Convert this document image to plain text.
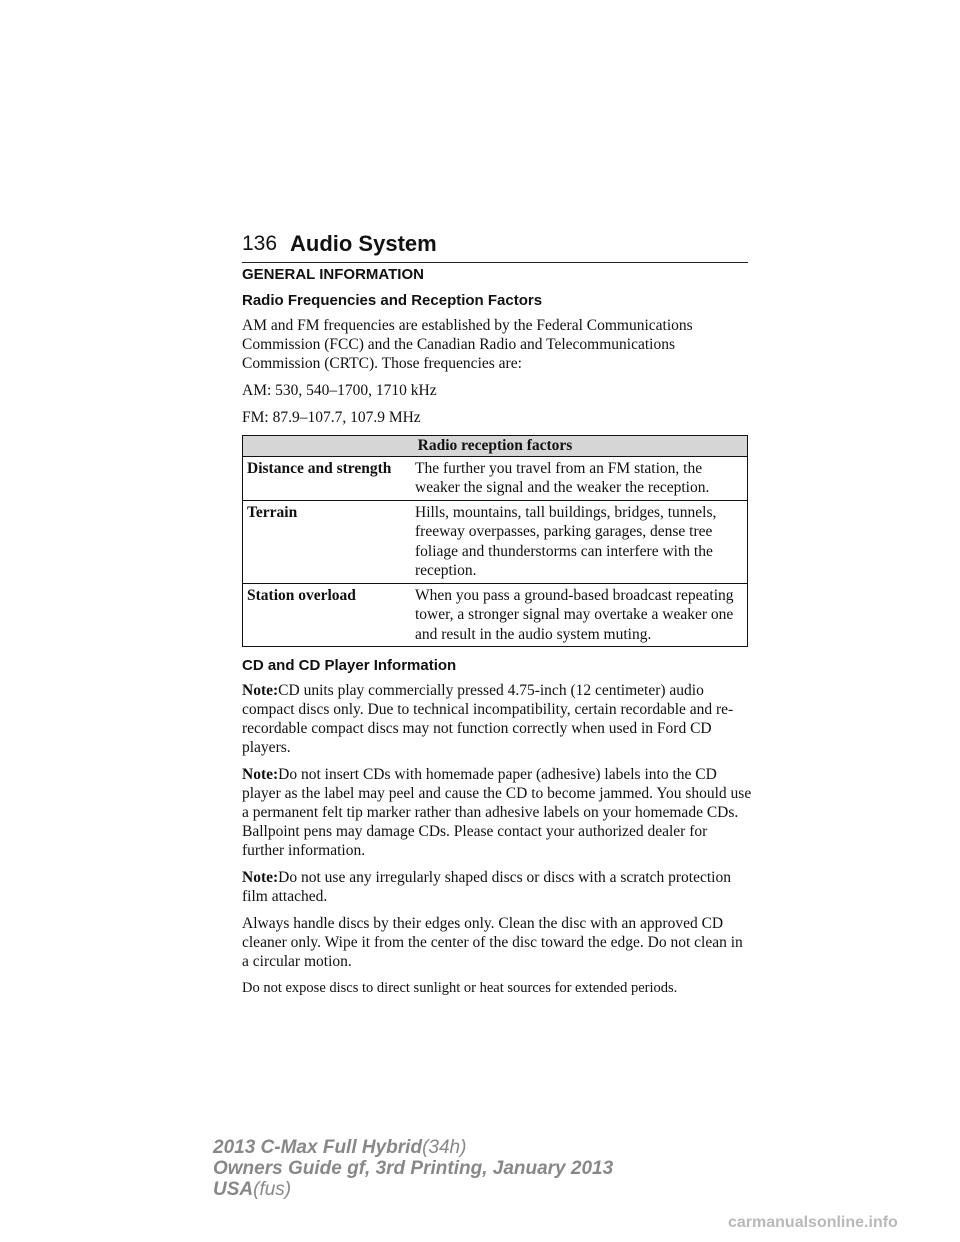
136 Audio System
GENERAL INFORMATION
Radio Frequencies and Reception Factors

AM and FM frequencies are established by the Federal Communications Commission (FCC) and the Canadian Radio and Telecommunications Commission (CRTC). Those frequencies are:

AM: 530, 540–1700, 1710 kHz

FM: 87.9–107.7, 107.9 MHz

Radio reception factors	
Distance and strength	The further you travel from an FM station, the weaker the signal and the weaker the reception.
Terrain	Hills, mountains, tall buildings, bridges, tunnels, freeway overpasses, parking garages, dense tree foliage and thunderstorms can interfere with the reception.
Station overload	When you pass a ground-based broadcast repeating tower, a stronger signal may overtake a weaker one and result in the audio system muting.
CD and CD Player Information

Note:CD units play commercially pressed 4.75-inch (12 centimeter) audio compact discs only. Due to technical incompatibility, certain recordable and re-recordable compact discs may not function correctly when used in Ford CD players.

Note:Do not insert CDs with homemade paper (adhesive) labels into the CD player as the label may peel and cause the CD to become jammed. You should use a permanent felt tip marker rather than adhesive labels on your homemade CDs. Ballpoint pens may damage CDs. Please contact your authorized dealer for further information.

Note:Do not use any irregularly shaped discs or discs with a scratch protection film attached.

Always handle discs by their edges only. Clean the disc with an approved CD cleaner only. Wipe it from the center of the disc toward the edge. Do not clean in a circular motion.

Do not expose discs to direct sunlight or heat sources for extended periods.

2013 C-Max Full Hybrid(34h)
Owners Guide gf, 3rd Printing, January 2013
USA(fus)
carmanualsonline.info
